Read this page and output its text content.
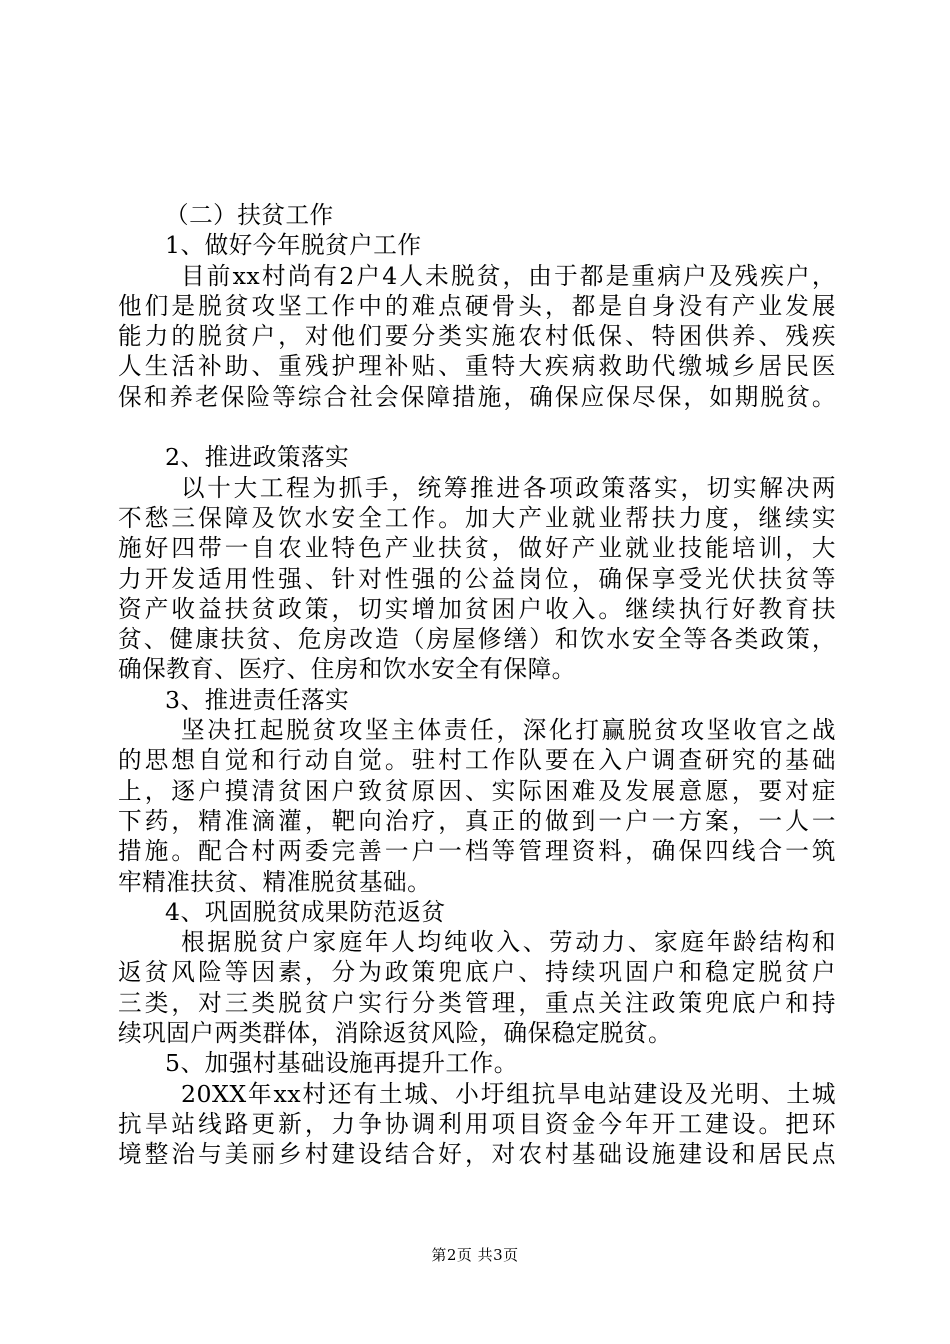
（二）扶贫工作
1、做好今年脱贫户工作
目前xx村尚有2户4人未脱贫，由于都是重病户及残疾户，
他们是脱贫攻坚工作中的难点硬骨头，都是自身没有产业发展
能力的脱贫户，对他们要分类实施农村低保、特困供养、残疾
人生活补助、重残护理补贴、重特大疾病救助代缴城乡居民医
保和养老保险等综合社会保障措施，确保应保尽保，如期脱贫。
2、推进政策落实
以十大工程为抓手，统筹推进各项政策落实，切实解决两
不愁三保障及饮水安全工作。加大产业就业帮扶力度，继续实
施好四带一自农业特色产业扶贫，做好产业就业技能培训，大
力开发适用性强、针对性强的公益岗位，确保享受光伏扶贫等
资产收益扶贫政策，切实增加贫困户收入。继续执行好教育扶
贫、健康扶贫、危房改造（房屋修缮）和饮水安全等各类政策，
确保教育、医疗、住房和饮水安全有保障。
3、推进责任落实
坚决扛起脱贫攻坚主体责任，深化打赢脱贫攻坚收官之战
的思想自觉和行动自觉。驻村工作队要在入户调查研究的基础
上，逐户摸清贫困户致贫原因、实际困难及发展意愿，要对症
下药，精准滴灌，靶向治疗，真正的做到一户一方案，一人一
措施。配合村两委完善一户一档等管理资料，确保四线合一筑
牢精准扶贫、精准脱贫基础。
4、巩固脱贫成果防范返贫
根据脱贫户家庭年人均纯收入、劳动力、家庭年龄结构和
返贫风险等因素，分为政策兜底户、持续巩固户和稳定脱贫户
三类，对三类脱贫户实行分类管理，重点关注政策兜底户和持
续巩固户两类群体，消除返贫风险，确保稳定脱贫。
5、加强村基础设施再提升工作。
20XX年xx村还有土城、小圩组抗旱电站建设及光明、土城
抗旱站线路更新，力争协调利用项目资金今年开工建设。把环
境整治与美丽乡村建设结合好，对农村基础设施建设和居民点
第2页 共3页
